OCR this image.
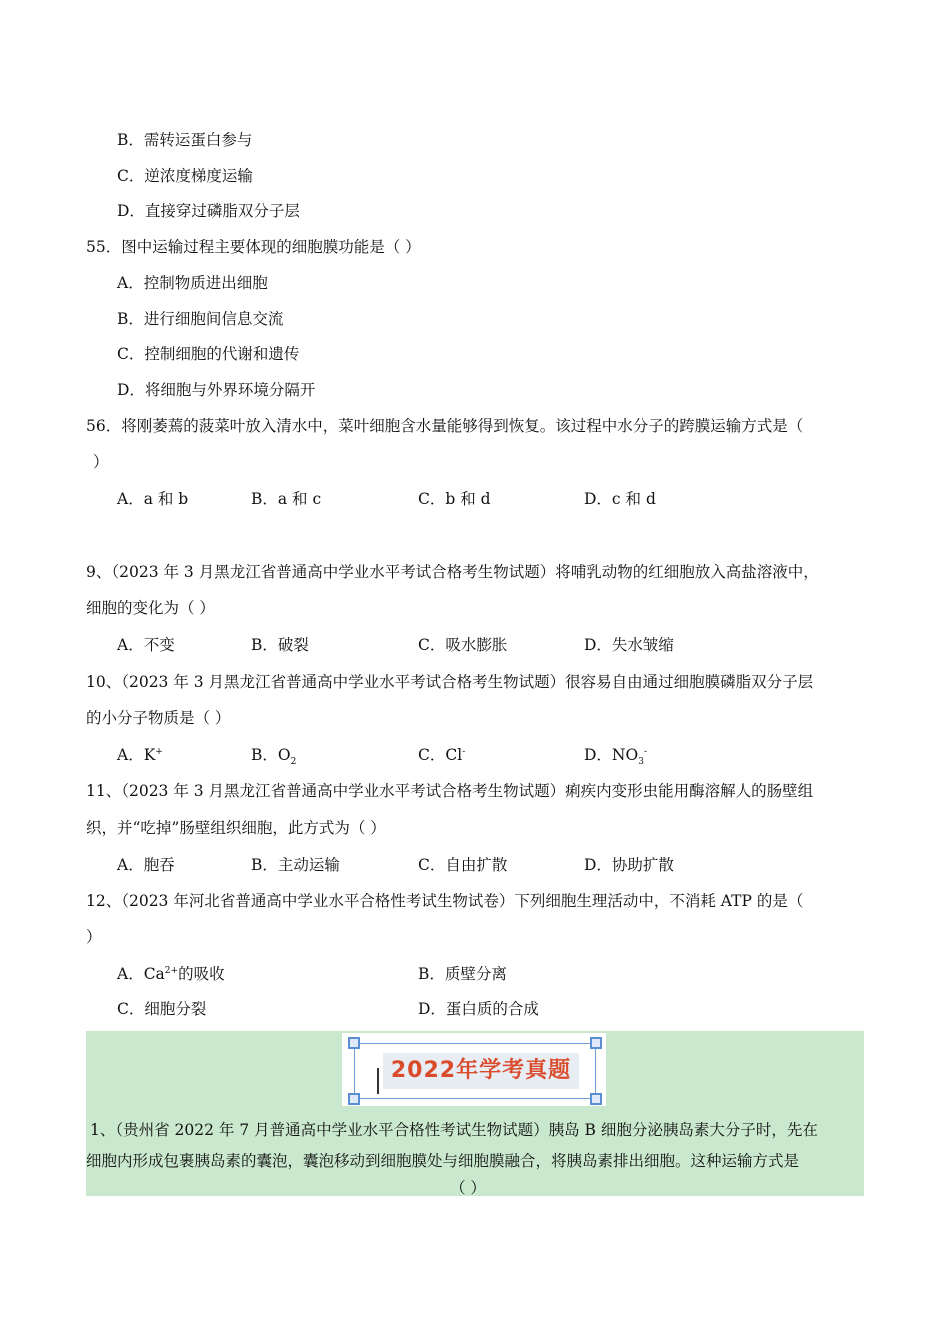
B．需转运蛋白参与
C．逆浓度梯度运输
D．直接穿过磷脂双分子层
55．图中运输过程主要体现的细胞膜功能是（ ）
A．控制物质进出细胞
B．进行细胞间信息交流
C．控制细胞的代谢和遗传
D．将细胞与外界环境分隔开
56．将刚萎蔫的菠菜叶放入清水中，菜叶细胞含水量能够得到恢复。该过程中水分子的跨膜运输方式是（
）
A．a 和 b	B．a 和 c	C．b 和 d	D．c 和 d
9、（2023 年 3 月黑龙江省普通高中学业水平考试合格考生物试题）将哺乳动物的红细胞放入高盐溶液中，
细胞的变化为（ ）
A．不变	B．破裂	C．吸水膨胀	D．失水皱缩
10、（2023 年 3 月黑龙江省普通高中学业水平考试合格考生物试题）很容易自由通过细胞膜磷脂双分子层
的小分子物质是（ ）
A．K+	B．$O_2$	C．Cl-	D．$NO_3^-$
11、（2023 年 3 月黑龙江省普通高中学业水平考试合格考生物试题）痢疾内变形虫能用酶溶解人的肠壁组
织，并“吃掉”肠壁组织细胞，此方式为（ ）
A．胞吞	B．主动运输	C．自由扩散	D．协助扩散
12、（2023 年河北省普通高中学业水平合格性考试生物试卷）下列细胞生理活动中，不消耗 ATP 的是（
）
A．$Ca^{2+}$的吸收	B．质壁分离
C．细胞分裂	D．蛋白质的合成
2022年学考真题
1、（贵州省 2022 年 7 月普通高中学业水平合格性考试生物试题）胰岛 B 细胞分泌胰岛素大分子时，先在
细胞内形成包裹胰岛素的囊泡，囊泡移动到细胞膜处与细胞膜融合，将胰岛素排出细胞。这种运输方式是
（ ）
